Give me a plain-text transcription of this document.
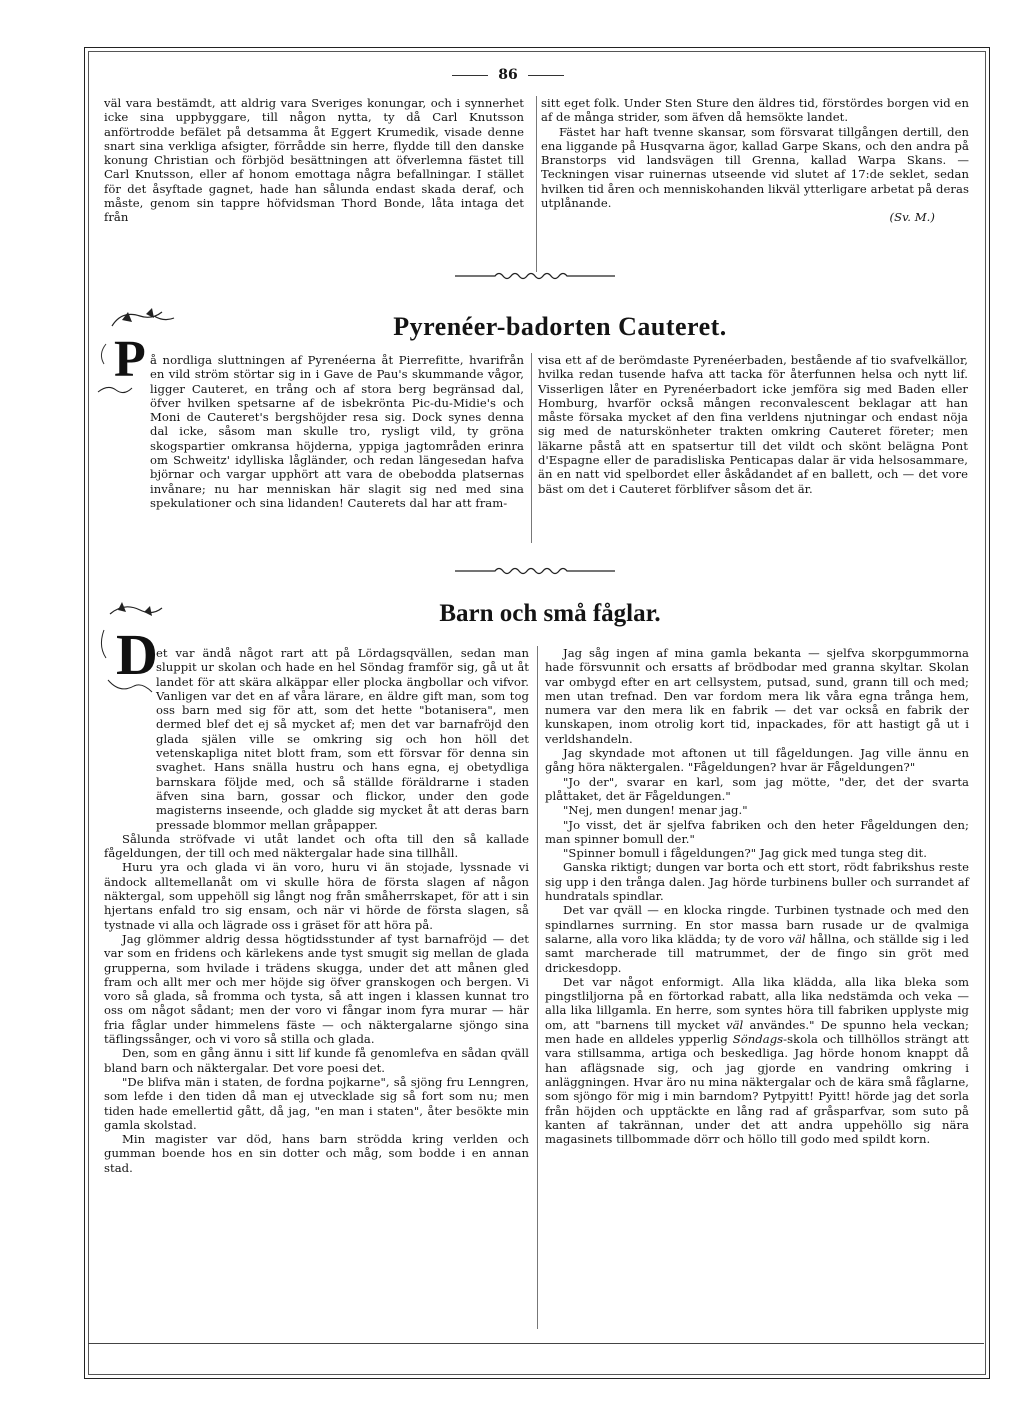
86

väl vara bestämdt, att aldrig vara Sveriges konungar, och i synnerhet icke sina uppbyggare, till någon nytta, ty då Carl Knutsson anförtrodde befälet på detsamma åt Eggert Krumedik, visade denne snart sina verkliga afsigter, förrådde sin herre, flydde till den danske konung Christian och förbjöd besättningen att öfverlemna fästet till Carl Knutsson, eller af honom emottaga några befallningar. I stället för det åsyftade gagnet, hade han sålunda endast skada deraf, och måste, genom sin tappre höfvidsman Thord Bonde, låta intaga det från

sitt eget folk. Under Sten Sture den äldres tid, förstördes borgen vid en af de många strider, som äfven då hemsökte landet.

Fästet har haft tvenne skansar, som försvarat tillgången dertill, den ena liggande på Husqvarna ägor, kallad Garpe Skans, och den andra på Branstorps vid landsvägen till Grenna, kallad Warpa Skans. — Teckningen visar ruinernas utseende vid slutet af 17:de seklet, sedan hvilken tid åren och menniskohanden likväl ytterligare arbetat på deras utplånande.

(Sv. M.)

Pyrenéer-badorten Cauteret.
P å nordliga sluttningen af Pyrenéerna åt Pierrefitte, hvarifrån en vild ström störtar sig in i Gave de Pau's skummande vågor, ligger Cauteret, en trång och af stora berg begränsad dal, öfver hvilken spetsarne af de isbekrönta Pic-du-Midie's och Moni de Cauteret's bergshöjder resa sig. Dock synes denna dal icke, såsom man skulle tro, rysligt vild, ty gröna skogspartier omkransa höjderna, yppiga jagtområden erinra om Schweitz' idylliska lågländer, och redan längesedan hafva björnar och vargar upphört att vara de obebodda platsernas invånare; nu har menniskan här slagit sig ned med sina spekulationer och sina lidanden! Cauterets dal har att fram-

visa ett af de berömdaste Pyrenéerbaden, bestående af tio svafvelkällor, hvilka redan tusende hafva att tacka för återfunnen helsa och nytt lif. Visserligen låter en Pyrenéerbadort icke jemföra sig med Baden eller Homburg, hvarför också mången reconvalescent beklagar att han måste försaka mycket af den fina verldens njutningar och endast nöja sig med de naturskönheter trakten omkring Cauteret företer; men läkarne påstå att en spatsertur till det vildt och skönt belägna Pont d'Espagne eller de paradisliska Penticapas dalar är vida helsosammare, än en natt vid spelbordet eller åskådandet af en ballett, och — det vore bäst om det i Cauteret förblifver såsom det är.

Barn och små fåglar.
D

et var ändå något rart att på Lördagsqvällen, sedan man sluppit ur skolan och hade en hel Söndag framför sig, gå ut åt landet för att skära alkäppar eller plocka ängbollar och vifvor. Vanligen var det en af våra lärare, en äldre gift man, som tog oss barn med sig för att, som det hette "botanisera", men dermed blef det ej så mycket af; men det var barnafröjd den glada själen ville se omkring sig och hon höll det vetenskapliga nitet blott fram, som ett försvar för denna sin svaghet. Hans snälla hustru och hans egna, ej obetydliga barnskara följde med, och så ställde föräldrarne i staden äfven sina barn, gossar och flickor, under den gode magisterns inseende, och gladde sig mycket åt att deras barn pressade blommor mellan gråpapper.

Sålunda ströfvade vi utåt landet och ofta till den så kallade fågeldungen, der till och med näktergalar hade sina tillhåll.

Huru yra och glada vi än voro, huru vi än stojade, lyssnade vi ändock alltemellanåt om vi skulle höra de första slagen af någon näktergal, som uppehöll sig långt nog från småherrskapet, för att i sin hjertans enfald tro sig ensam, och när vi hörde de första slagen, så tystnade vi alla och lägrade oss i gräset för att höra på.

Jag glömmer aldrig dessa högtidsstunder af tyst barnafröjd — det var som en fridens och kärlekens ande tyst smugit sig mellan de glada grupperna, som hvilade i trädens skugga, under det att månen gled fram och allt mer och mer höjde sig öfver granskogen och bergen. Vi voro så glada, så fromma och tysta, så att ingen i klassen kunnat tro oss om något sådant; men der voro vi fångar inom fyra murar — här fria fåglar under himmelens fäste — och näktergalarne sjöngo sina täflingssånger, och vi voro så stilla och glada.

Den, som en gång ännu i sitt lif kunde få genomlefva en sådan qväll bland barn och näktergalar. Det vore poesi det.

"De blifva män i staten, de fordna pojkarne", så sjöng fru Lenngren, som lefde i den tiden då man ej utvecklade sig så fort som nu; men tiden hade emellertid gått, då jag, "en man i staten", åter besökte min gamla skolstad.

Min magister var död, hans barn strödda kring verlden och gumman boende hos en sin dotter och måg, som bodde i en annan stad.

Jag såg ingen af mina gamla bekanta — sjelfva skorpgummorna hade försvunnit och ersatts af brödbodar med granna skyltar. Skolan var ombygd efter en art cellsystem, putsad, sund, grann till och med; men utan trefnad. Den var fordom mera lik våra egna trånga hem, numera var den mera lik en fabrik — det var också en fabrik der kunskapen, inom otrolig kort tid, inpackades, för att hastigt gå ut i verldshandeln.

Jag skyndade mot aftonen ut till fågeldungen. Jag ville ännu en gång höra näktergalen. "Fågeldungen? hvar är Fågeldungen?"

"Jo der", svarar en karl, som jag mötte, "der, det der svarta plåttaket, det är Fågeldungen."

"Nej, men dungen! menar jag."

"Jo visst, det är sjelfva fabriken och den heter Fågeldungen den; man spinner bomull der."

"Spinner bomull i fågeldungen?" Jag gick med tunga steg dit.

Ganska riktigt; dungen var borta och ett stort, rödt fabrikshus reste sig upp i den trånga dalen. Jag hörde turbinens buller och surrandet af hundratals spindlar.

Det var qväll — en klocka ringde. Turbinen tystnade och med den spindlarnes surrning. En stor massa barn rusade ur de qvalmiga salarne, alla voro lika klädda; ty de voro väl hållna, och ställde sig i led samt marcherade till matrummet, der de fingo sin gröt med drickesdopp.

Det var något enformigt. Alla lika klädda, alla lika bleka som pingstliljorna på en förtorkad rabatt, alla lika nedstämda och veka — alla lika lillgamla. En herre, som syntes höra till fabriken upplyste mig om, att "barnens till mycket väl användes." De spunno hela veckan; men hade en alldeles ypperlig Söndags-skola och tillhöllos strängt att vara stillsamma, artiga och beskedliga. Jag hörde honom knappt då han aflägsnade sig, och jag gjorde en vandring omkring i anläggningen. Hvar äro nu mina näktergalar och de kära små fåglarne, som sjöngo för mig i min barndom? Pytpyitt! Pyitt! hörde jag det sorla från höjden och upptäckte en lång rad af gråsparfvar, som suto på kanten af takrännan, under det att andra uppehöllo sig nära magasinets tillbommade dörr och höllo till godo med spildt korn.
